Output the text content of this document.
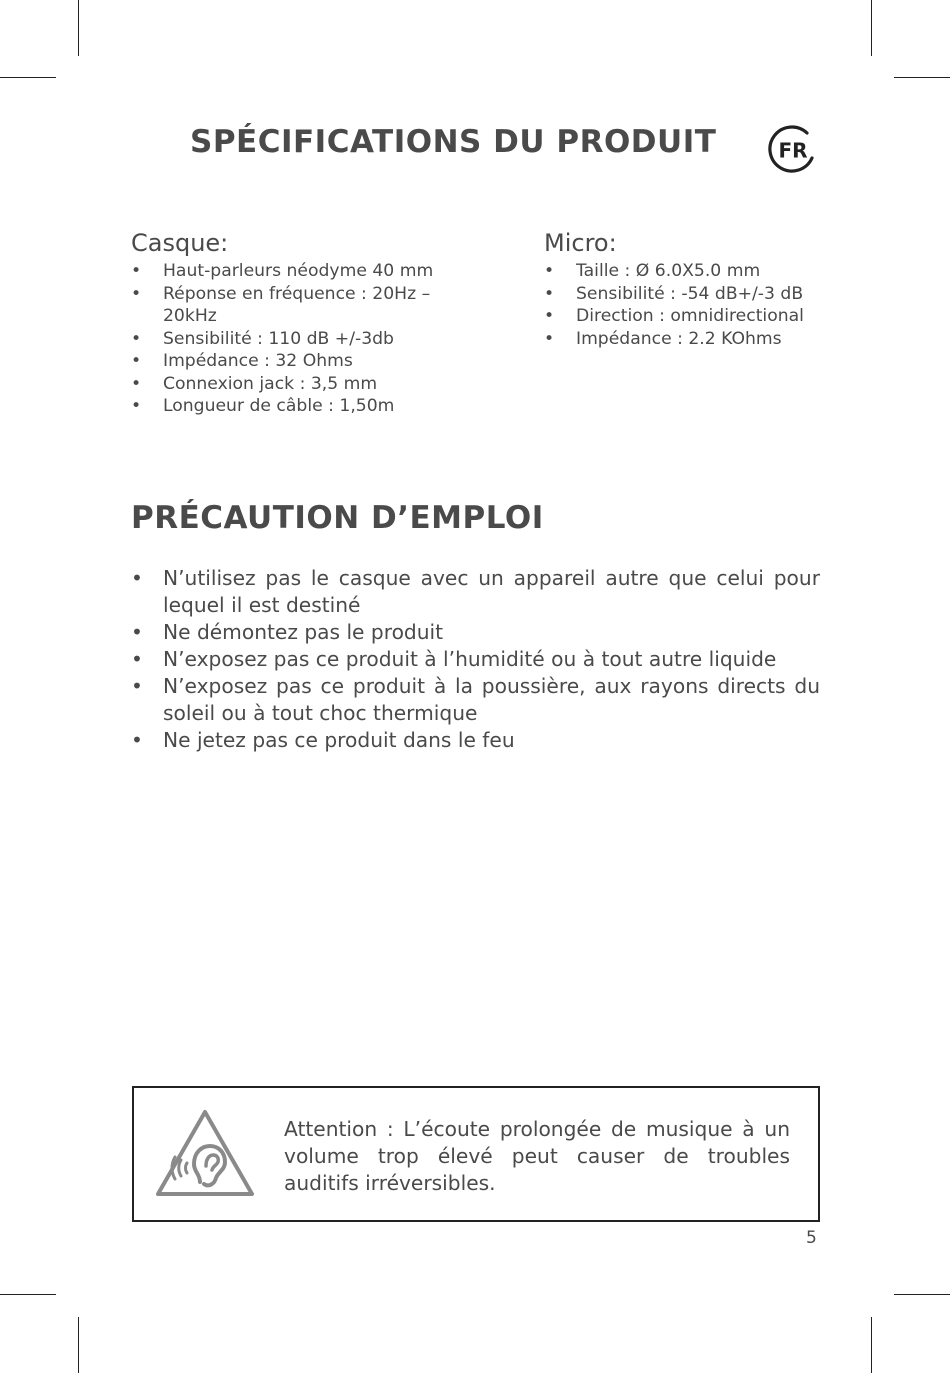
SPÉCIFICATIONS DU PRODUIT	FR
Casque:
• Haut-parleurs néodyme 40 mm
• Réponse en fréquence : 20Hz – 20kHz
• Sensibilité : 110 dB +/-3db
• Impédance : 32 Ohms
• Connexion jack : 3,5 mm
• Longueur de câble : 1,50m
Micro:
• Taille : Ø 6.0X5.0 mm
• Sensibilité : -54 dB+/-3 dB
• Direction : omnidirectional
• Impédance : 2.2 KOhms
PRÉCAUTION D’EMPLOI
• N’utilisez pas le casque avec un appareil autre que celui pour lequel il est destiné
• Ne démontez pas le produit
• N’exposez pas ce produit à l’humidité ou à tout autre liquide
• N’exposez pas ce produit à la poussière, aux rayons directs du soleil ou à tout choc thermique
• Ne jetez pas ce produit dans le feu
Attention : L’écoute prolongée de musique à un volume trop élevé peut causer de troubles auditifs irréversibles.
5
